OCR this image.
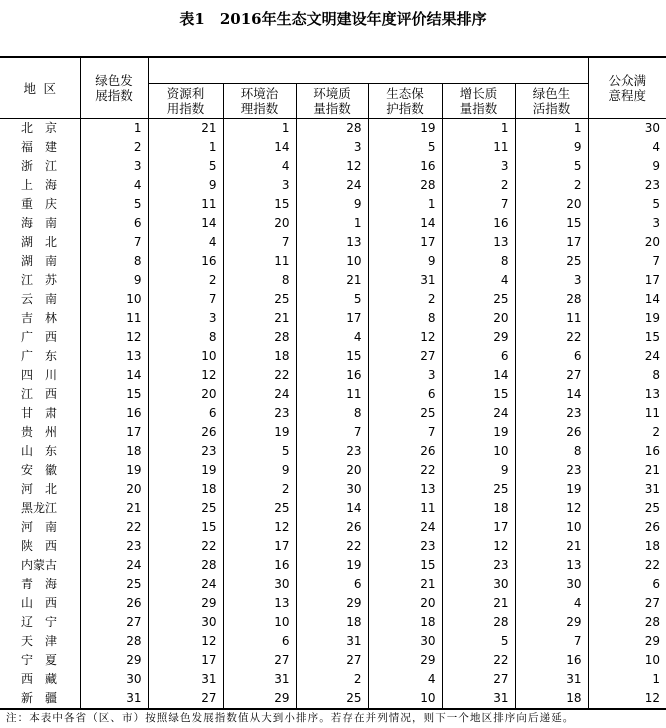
表1　2016年生态文明建设年度评价结果排序
地 区	绿色发展指数							公众满意程度
		资源利用指数	环境治理指数	环境质量指数	生态保护指数	增长质量指数	绿色生活指数	
北 京	1	21	1	28	19	1	1	30
福 建	2	1	14	3	5	11	9	4
浙 江	3	5	4	12	16	3	5	9
上 海	4	9	3	24	28	2	2	23
重 庆	5	11	15	9	1	7	20	5
海 南	6	14	20	1	14	16	15	3
湖 北	7	4	7	13	17	13	17	20
湖 南	8	16	11	10	9	8	25	7
江 苏	9	2	8	21	31	4	3	17
云 南	10	7	25	5	2	25	28	14
吉 林	11	3	21	17	8	20	11	19
广 西	12	8	28	4	12	29	22	15
广 东	13	10	18	15	27	6	6	24
四 川	14	12	22	16	3	14	27	8
江 西	15	20	24	11	6	15	14	13
甘 肃	16	6	23	8	25	24	23	11
贵 州	17	26	19	7	7	19	26	2
山 东	18	23	5	23	26	10	8	16
安 徽	19	19	9	20	22	9	23	21
河 北	20	18	2	30	13	25	19	31
黑龙江	21	25	25	14	11	18	12	25
河 南	22	15	12	26	24	17	10	26
陕 西	23	22	17	22	23	12	21	18
内蒙古	24	28	16	19	15	23	13	22
青 海	25	24	30	6	21	30	30	6
山 西	26	29	13	29	20	21	4	27
辽 宁	27	30	10	18	18	28	29	28
天 津	28	12	6	31	30	5	7	29
宁 夏	29	17	27	27	29	22	16	10
西 藏	30	31	31	2	4	27	31	1
新 疆	31	27	29	25	10	31	18	12
注：本表中各省（区、市）按照绿色发展指数值从大到小排序。若存在并列情况，则下一个地区排序向后递延。
